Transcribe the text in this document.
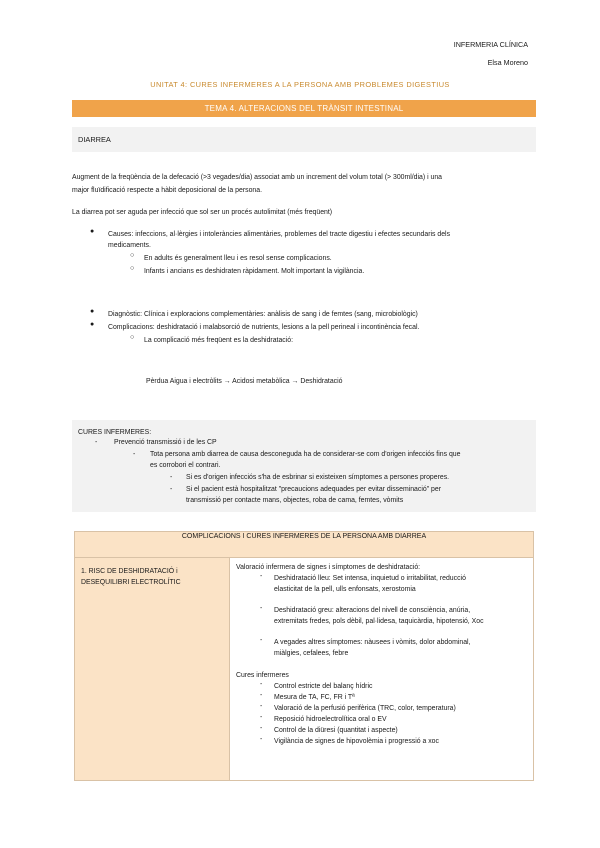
INFERMERIA CLÍNICA
Elsa Moreno
UNITAT 4: CURES INFERMERES A LA PERSONA AMB PROBLEMES DIGESTIUS
TEMA 4. ALTERACIONS DEL TRÀNSIT INTESTINAL
DIARREA
Augment de la freqüència de la defecació (>3 vegades/dia) associat amb un increment del volum total (> 300ml/dia) i una
major fluïdificació respecte a hàbit deposicional de la persona.
La diarrea pot ser aguda per infecció que sol ser un procés autolimitat (més freqüent)
● Causes: infeccions, al·lèrgies i intoleràncies alimentàries, problemes del tracte digestiu i efectes secundaris dels
medicaments.
○ En adults és generalment lleu i es resol sense complicacions.
○ Infants i ancians es deshidraten ràpidament. Molt important la vigilància.
● Diagnòstic: Clínica i exploracions complementàries: anàlisis de sang i de femtes (sang, microbiològic)
● Complicacions: deshidratació i malabsorció de nutrients, lesions a la pell perineal i incontinència fecal.
○ La complicació més freqüent es la deshidratació:
Pèrdua Aigua i electròlits → Acidosi metabòlica → Deshidratació
CURES INFERMERES:
- Prevenció transmissió i de les CP
- Tota persona amb diarrea de causa desconeguda ha de considerar-se com d'origen infecciós fins que
es corrobori el contrari.
- Si es d'origen infecciós s'ha de esbrinar si existeixen símptomes a persones properes.
- Si el pacient està hospitalitzat "precaucions adequades per evitar disseminació" per
transmissió per contacte mans, objectes, roba de cama, femtes, vòmits
COMPLICACIONS I CURES INFERMERES DE LA PERSONA AMB DIARREA

1. RISC DE DESHIDRATACIÓ i
DESEQUILIBRI ELECTROLÍTIC

Valoració infermera de signes i símptomes de deshidratació:
- Deshidratació lleu: Set intensa, inquietud o irritabilitat, reducció
elasticitat de la pell, ulls enfonsats, xerostomia
- Deshidratació greu: alteracions del nivell de consciència, anúria,
extremitats fredes, pols dèbil, pal·lidesa, taquicàrdia, hipotensió, Xoc
- A vegades altres símptomes: nàusees i vòmits, dolor abdominal,
miàlgies, cefalees, febre
Cures infermeres
- Control estricte del balanç hídric
- Mesura de TA, FC, FR i Tª
- Valoració de la perfusió perifèrica (TRC, color, temperatura)
- Reposició hidroelectrolítica oral o EV
- Control de la diüresi (quantitat i aspecte)
- Vigilància de signes de hipovolèmia i progressió a xoc
